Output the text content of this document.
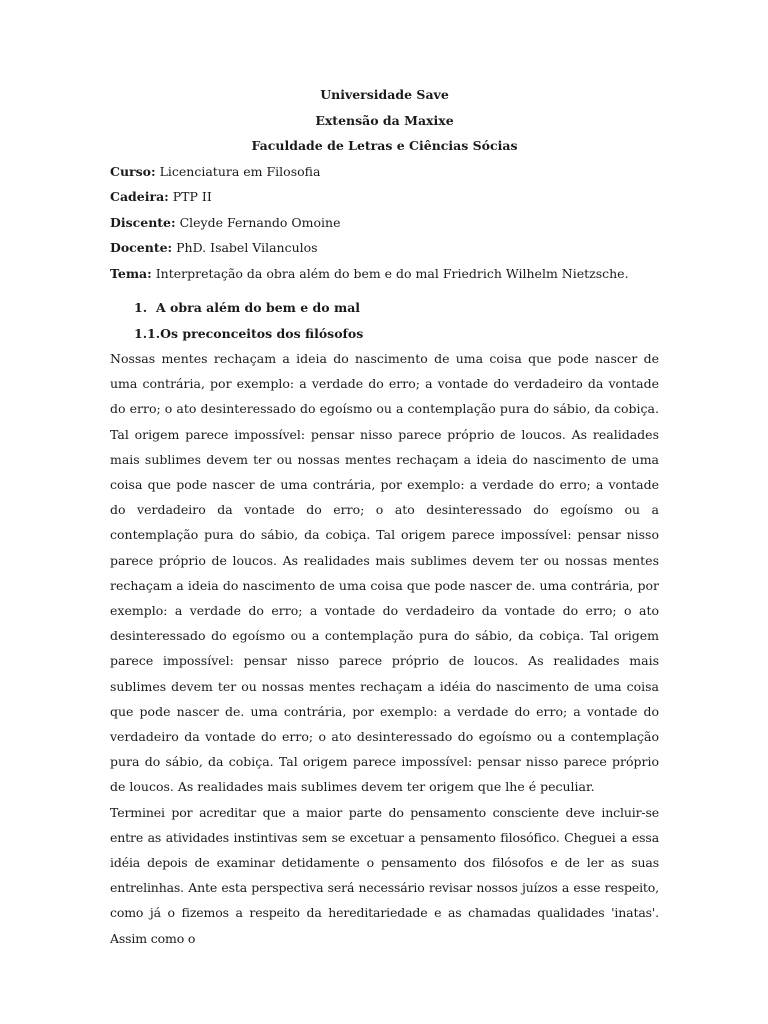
Universidade Save

Extensão da Maxixe

Faculdade de Letras e Ciências Sócias

Curso: Licenciatura em Filosofia

Cadeira: PTP II

Discente: Cleyde Fernando Omoine

Docente: PhD. Isabel Vilanculos

Tema: Interpretação da obra além do bem e do mal Friedrich Wilhelm Nietzsche.

1. A obra além do bem e do mal

1.1.Os preconceitos dos filósofos

Nossas mentes rechaçam a ideia do nascimento de uma coisa que pode nascer de uma contrária, por exemplo: a verdade do erro; a vontade do verdadeiro da vontade do erro; o ato desinteressado do egoísmo ou a contemplação pura do sábio, da cobiça. Tal origem parece impossível: pensar nisso parece próprio de loucos. As realidades mais sublimes devem ter ou nossas mentes rechaçam a ideia do nascimento de uma coisa que pode nascer de uma contrária, por exemplo: a verdade do erro; a vontade do verdadeiro da vontade do erro; o ato desinteressado do egoísmo ou a contemplação pura do sábio, da cobiça. Tal origem parece impossível: pensar nisso parece próprio de loucos. As realidades mais sublimes devem ter ou nossas mentes rechaçam a ideia do nascimento de uma coisa que pode nascer de. uma contrária, por exemplo: a verdade do erro; a vontade do verdadeiro da vontade do erro; o ato desinteressado do egoísmo ou a contemplação pura do sábio, da cobiça. Tal origem parece impossível: pensar nisso parece próprio de loucos. As realidades mais sublimes devem ter ou nossas mentes rechaçam a idéia do nascimento de uma coisa que pode nascer de. uma contrária, por exemplo: a verdade do erro; a vontade do verdadeiro da vontade do erro; o ato desinteressado do egoísmo ou a contemplação pura do sábio, da cobiça. Tal origem parece impossível: pensar nisso parece próprio de loucos. As realidades mais sublimes devem ter origem que lhe é peculiar.

Terminei por acreditar que a maior parte do pensamento consciente deve incluir-se entre as atividades instintivas sem se excetuar a pensamento filosófico. Cheguei a essa idéia depois de examinar detidamente o pensamento dos filósofos e de ler as suas entrelinhas. Ante esta perspectiva será necessário revisar nossos juízos a esse respeito, como já o fizemos a respeito da hereditariedade e as chamadas qualidades 'inatas'. Assim como o
